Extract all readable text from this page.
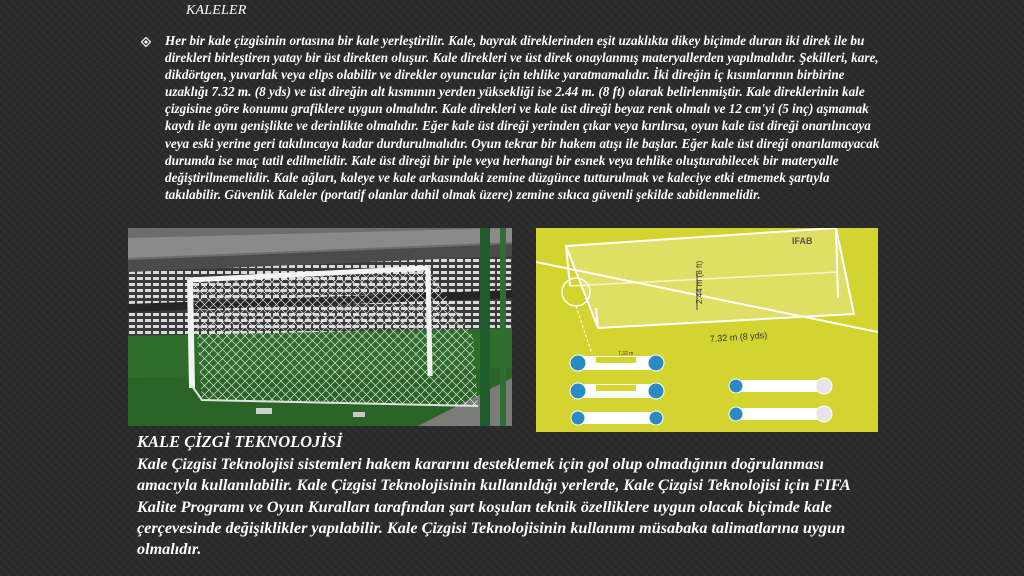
KALELER

Her bir kale çizgisinin ortasına bir kale yerleştirilir. Kale, bayrak direklerinden eşit uzaklıkta dikey biçimde duran iki direk ile bu direkleri birleştiren yatay bir üst direkten oluşur. Kale direkleri ve üst direk onaylanmış materyallerden yapılmalıdır. Şekilleri, kare, dikdörtgen, yuvarlak veya elips olabilir ve direkler oyuncular için tehlike yaratmamalıdır. İki direğin iç kısımlarının birbirine uzaklığı 7.32 m. (8 yds) ve üst direğin alt kısmının yerden yüksekliği ise 2.44 m. (8 ft) olarak belirlenmiştir. Kale direklerinin kale çizgisine göre konumu grafiklere uygun olmalıdır. Kale direkleri ve kale üst direği beyaz renk olmalı ve 12 cm'yi (5 inç) aşmamak kaydı ile aynı genişlikte ve derinlikte olmalıdır. Eğer kale üst direği yerinden çıkar veya kırılırsa, oyun kale üst direği onarılıncaya veya eski yerine geri takılıncaya kadar durdurulmalıdır. Oyun tekrar bir hakem atışı ile başlar. Eğer kale üst direği onarılamayacak durumda ise maç tatil edilmelidir. Kale üst direği bir iple veya herhangi bir esnek veya tehlike oluşturabilecek bir materyalle değiştirilmemelidir. Kale ağları, kaleye ve kale arkasındaki zemine düzgünce tutturulmak ve kaleciye etki etmemek şartıyla takılabilir. Güvenlik Kaleler (portatif olanlar dahil olmak üzere) zemine sıkıca güvenli şekilde sabitlenmelidir.

2.44 m (8 ft)
7.32 m (8 yds)
IFAB
7.32 m
KALE ÇİZGİ TEKNOLOJİSİ

Kale Çizgisi Teknolojisi sistemleri hakem kararını desteklemek için gol olup olmadığının doğrulanması amacıyla kullanılabilir. Kale Çizgisi Teknolojisinin kullanıldığı yerlerde, Kale Çizgisi Teknolojisi için FIFA Kalite Programı ve Oyun Kuralları tarafından şart koşulan teknik özelliklere uygun olacak biçimde kale çerçevesinde değişiklikler yapılabilir. Kale Çizgisi Teknolojisinin kullanımı müsabaka talimatlarına uygun olmalıdır.
